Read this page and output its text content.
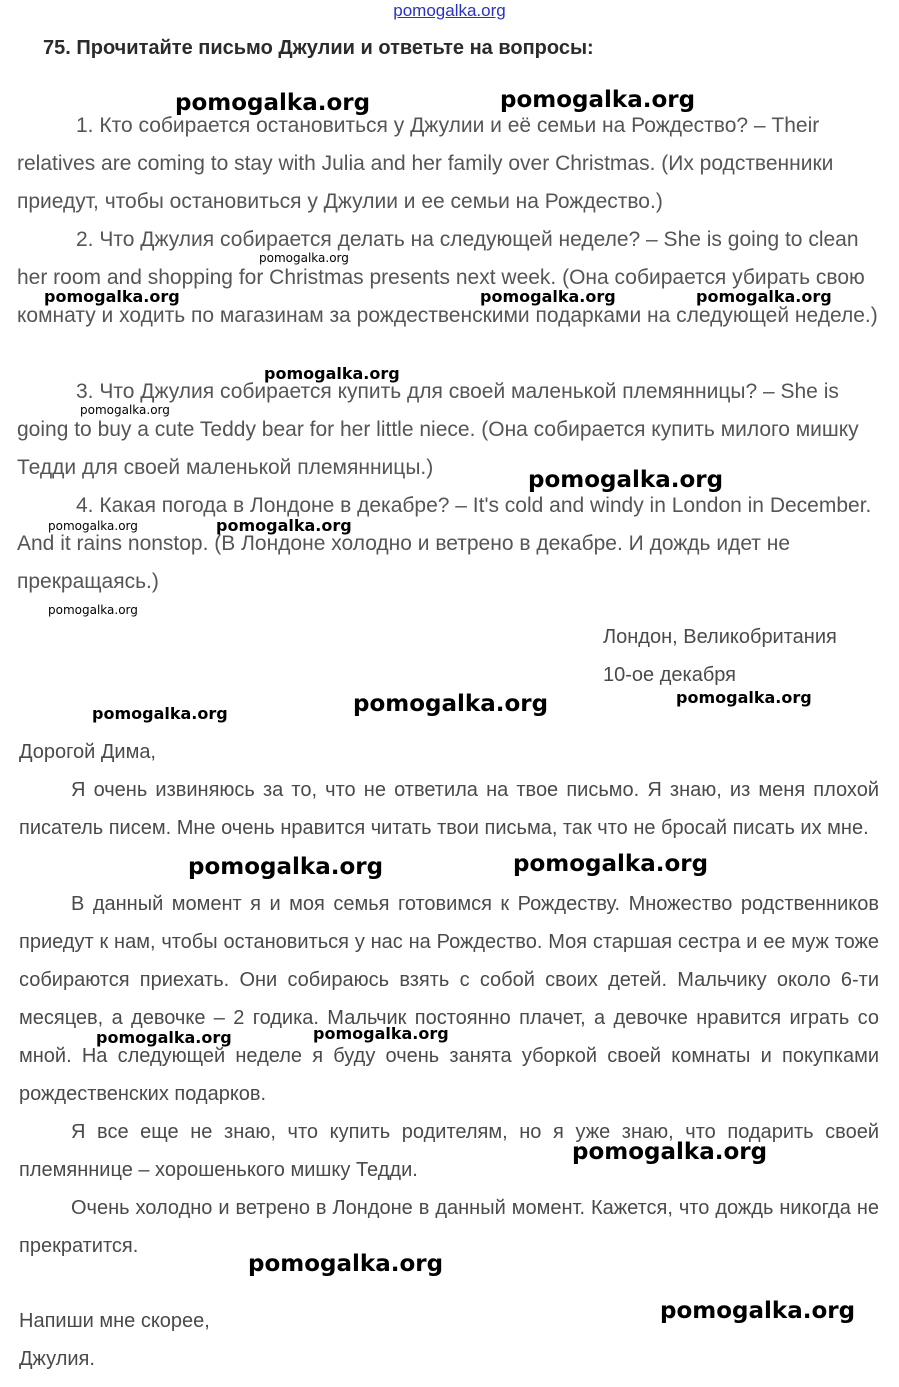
pomogalka.org
75. Прочитайте письмо Джулии и ответьте на вопросы:

1. Кто собирается остановиться у Джулии и её семьи на Рождество? – Their relatives are coming to stay with Julia and her family over Christmas. (Их родственники приедут, чтобы остановиться у Джулии и ее семьи на Рождество.)

2. Что Джулия собирается делать на следующей неделе? – She is going to clean her room and shopping for Christmas presents next week. (Она собирается убирать свою комнату и ходить по магазинам за рождественскими подарками на следующей неделе.)

3. Что Джулия собирается купить для своей маленькой племянницы? – She is going to buy a cute Teddy bear for her little niece. (Она собирается купить милого мишку Тедди для своей маленькой племянницы.)

4. Какая погода в Лондоне в декабре? – It's cold and windy in London in December. And it rains nonstop. (В Лондоне холодно и ветрено в декабре. И дождь идет не прекращаясь.)

Лондон, Великобритания
10-ое декабря
Дорогой Дима,

Я очень извиняюсь за то, что не ответила на твое письмо. Я знаю, из меня плохой писатель писем. Мне очень нравится читать твои письма, так что не бросай писать их мне.

В данный момент я и моя семья готовимся к Рождеству. Множество родственников приедут к нам, чтобы остановиться у нас на Рождество. Моя старшая сестра и ее муж тоже собираются приехать. Они собираюсь взять с собой своих детей. Мальчику около 6-ти месяцев, а девочке – 2 годика. Мальчик постоянно плачет, а девочке нравится играть со мной. На следующей неделе я буду очень занята уборкой своей комнаты и покупками рождественских подарков.

Я все еще не знаю, что купить родителям, но я уже знаю, что подарить своей племяннице – хорошенького мишку Тедди.

Очень холодно и ветрено в Лондоне в данный момент. Кажется, что дождь никогда не прекратится.

Напиши мне скорее,
Джулия.
pomogalka.org	pomogalka.org
pomogalka.org
pomogalka.org	pomogalka.org	pomogalka.org
pomogalka.org
pomogalka.org
pomogalka.org
pomogalka.org	pomogalka.org
pomogalka.org
pomogalka.org
pomogalka.org
pomogalka.org
pomogalka.org	pomogalka.org
pomogalka.org
pomogalka.org
pomogalka.org
pomogalka.org
pomogalka.org
